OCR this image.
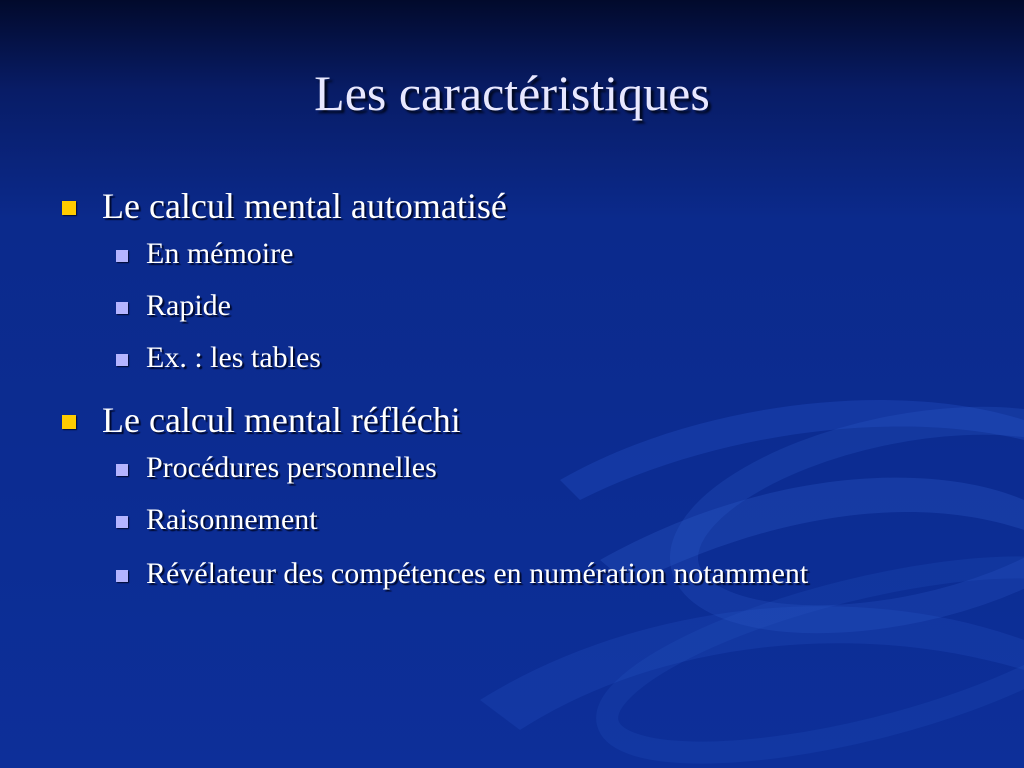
Les caractéristiques
Le calcul mental automatisé
En mémoire
Rapide
Ex. : les tables
Le calcul mental réfléchi
Procédures personnelles
Raisonnement
Révélateur des compétences en numération notamment
